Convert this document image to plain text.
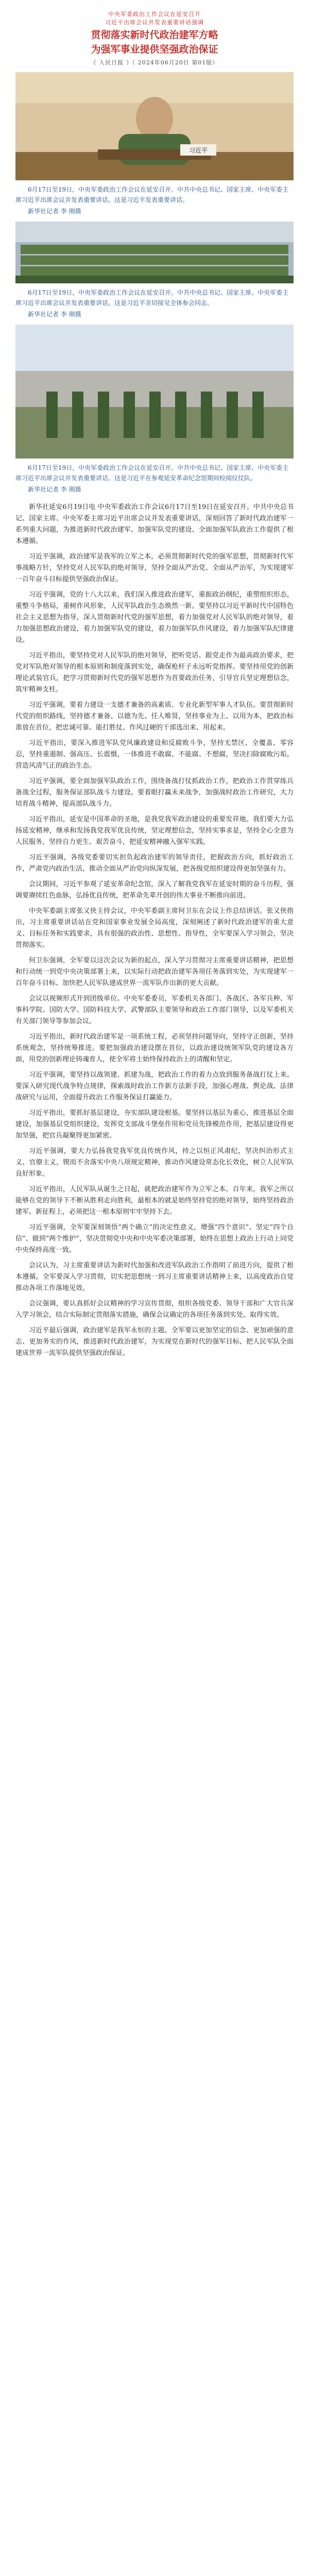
中央军委政治工作会议在延安召开
习近平出席会议并发表重要讲话强调
贯彻落实新时代政治建军方略
为强军事业提供坚强政治保证
《 人民日报 》（ 2024年06月20日 第01版）
习近平
6月17日至19日，中央军委政治工作会议在延安召开。中共中央总书记、国家主席、中央军委主席习近平出席会议并发表重要讲话。这是习近平发表重要讲话。
新华社记者 李 刚摄
6月17日至19日，中央军委政治工作会议在延安召开。中共中央总书记、国家主席、中央军委主席习近平出席会议并发表重要讲话。这是习近平亲切接见全体参会同志。
新华社记者 李 刚摄
6月17日至19日，中央军委政治工作会议在延安召开。中共中央总书记、国家主席、中央军委主席习近平出席会议并发表重要讲话。这是习近平在参观延安革命纪念馆期间检阅仪仗队。
新华社记者 李 刚摄

新华社延安6月19日电 中央军委政治工作会议6月17日至19日在延安召开。中共中央总书记、国家主席、中央军委主席习近平出席会议并发表重要讲话，深刻回答了新时代政治建军一系列重大问题，为推进新时代政治建军、加强军队党的建设、全面加强军队政治工作提供了根本遵循。

习近平强调，政治建军是我军的立军之本，必须贯彻新时代党的强军思想，贯彻新时代军事战略方针，坚持党对人民军队的绝对领导，坚持全面从严治党、全面从严治军，为实现建军一百年奋斗目标提供坚强政治保证。

习近平强调，党的十八大以来，我们深入推进政治建军，重振政治纲纪，重塑组织形态，重整斗争格局，重树作风形象，人民军队政治生态焕然一新。要坚持以习近平新时代中国特色社会主义思想为指导，深入贯彻新时代党的强军思想，着力加强党对人民军队的绝对领导，着力加强思想政治建设，着力加强军队党的建设，着力加强军队作风建设，着力加强军队纪律建设。

习近平指出，要坚持党对人民军队的绝对领导，把听党话、跟党走作为最高政治要求，把党对军队绝对领导的根本原则和制度落到实处，确保枪杆子永远听党指挥。要坚持用党的创新理论武装官兵，把学习贯彻新时代党的强军思想作为首要政治任务，引导官兵坚定理想信念，筑牢精神支柱。

习近平强调，要着力建设一支德才兼备的高素质、专业化新型军事人才队伍。要贯彻新时代党的组织路线，坚持德才兼备、以德为先、任人唯贤，坚持事业为上、以用为本，把政治标准放在首位，把忠诚可靠、能打胜仗、作风过硬的干部选出来、用起来。

习近平指出，要深入推进军队党风廉政建设和反腐败斗争，坚持无禁区、全覆盖、零容忍，坚持重遏制、强高压、长震慑，一体推进不敢腐、不能腐、不想腐，坚决扫除腐败污垢，营造风清气正的政治生态。

习近平强调，要全面加强军队政治工作，围绕备战打仗抓政治工作，把政治工作贯穿练兵备战全过程，服务保证部队战斗力建设。要着眼打赢未来战争，加强战时政治工作研究，大力培育战斗精神，提高部队战斗力。

习近平指出，延安是中国革命的圣地，是我党我军政治建设的重要发祥地。我们要大力弘扬延安精神，继承和发扬我党我军优良传统，坚定理想信念，坚持实事求是，坚持全心全意为人民服务，坚持自力更生、艰苦奋斗，把延安精神融入强军实践。

习近平强调，各级党委要切实担负起政治建军的领导责任，把握政治方向，抓好政治工作，严肃党内政治生活，推动全面从严治党向纵深发展，把各级党组织建设得更加坚强有力。

会议期间，习近平参观了延安革命纪念馆，深入了解我党我军在延安时期的奋斗历程，强调要赓续红色血脉，弘扬优良传统，把革命先辈开创的伟大事业不断推向前进。

中央军委副主席张又侠主持会议，中央军委副主席何卫东在会议上作总结讲话。张又侠指出，习主席重要讲话站在党和国家事业发展全局高度，深刻阐述了新时代政治建军的重大意义、目标任务和实践要求，具有很强的政治性、思想性、指导性，全军要深入学习领会，坚决贯彻落实。

何卫东强调，全军要以这次会议为新的起点，深入学习贯彻习主席重要讲话精神，把思想和行动统一到党中央决策部署上来，以实际行动把政治建军各项任务落到实处，为实现建军一百年奋斗目标、加快把人民军队建成世界一流军队作出新的更大贡献。

会议以视频形式开到团级单位。中央军委委员，军委机关各部门、各战区、各军兵种、军事科学院、国防大学、国防科技大学、武警部队主要领导和政治工作部门领导，以及军委机关有关部门领导等参加会议。

习近平指出，新时代政治建军是一项系统工程，必须坚持问题导向，坚持守正创新，坚持系统观念，坚持统筹推进。要把加强政治建设摆在首位，以政治建设统领军队党的建设各方面，用党的创新理论铸魂育人，使全军将士始终保持政治上的清醒和坚定。

习近平强调，要坚持以战领建、抓建为战，把政治工作的着力点放到服务备战打仗上来。要深入研究现代战争特点规律，探索战时政治工作新方法新手段，加强心理战、舆论战、法律战研究与运用，全面提升政治工作服务保证打赢能力。

习近平指出，要抓好基层建设，夯实部队建设根基。要坚持以基层为重心，推进基层全面建设，加强基层党组织建设，发挥党支部战斗堡垒作用和党员先锋模范作用，把基层建设得更加坚强，把官兵凝聚得更加紧密。

习近平强调，要大力弘扬我党我军优良传统作风，持之以恒正风肃纪，坚决纠治形式主义、官僚主义，锲而不舍落实中央八项规定精神，推动作风建设常态化长效化，树立人民军队良好形象。

习近平指出，人民军队从诞生之日起，就把政治建军作为立军之本。百年来，我军之所以能够在党的领导下不断从胜利走向胜利，最根本的就是始终坚持党的绝对领导，始终坚持政治建军。新征程上，必须把这一根本原则牢牢坚持下去。

习近平强调，全军要深刻领悟“两个确立”的决定性意义，增强“四个意识”、坚定“四个自信”、做到“两个维护”，坚决贯彻党中央和中央军委决策部署，始终在思想上政治上行动上同党中央保持高度一致。

会议认为，习主席重要讲话为新时代加强和改进军队政治工作指明了前进方向，提供了根本遵循。全军要深入学习贯彻，切实把思想统一到习主席重要讲话精神上来，以高度政治自觉推动各项工作落地见效。

会议强调，要认真抓好会议精神的学习宣传贯彻，组织各级党委、领导干部和广大官兵深入学习领会，结合实际制定贯彻落实措施，确保会议确定的各项任务落到实处、取得实效。

习近平最后强调，政治建军是我军永恒的主题。全军要以更加坚定的信念、更加顽强的意志、更加务实的作风，推进新时代政治建军，为实现党在新时代的强军目标、把人民军队全面建成世界一流军队提供坚强政治保证。
